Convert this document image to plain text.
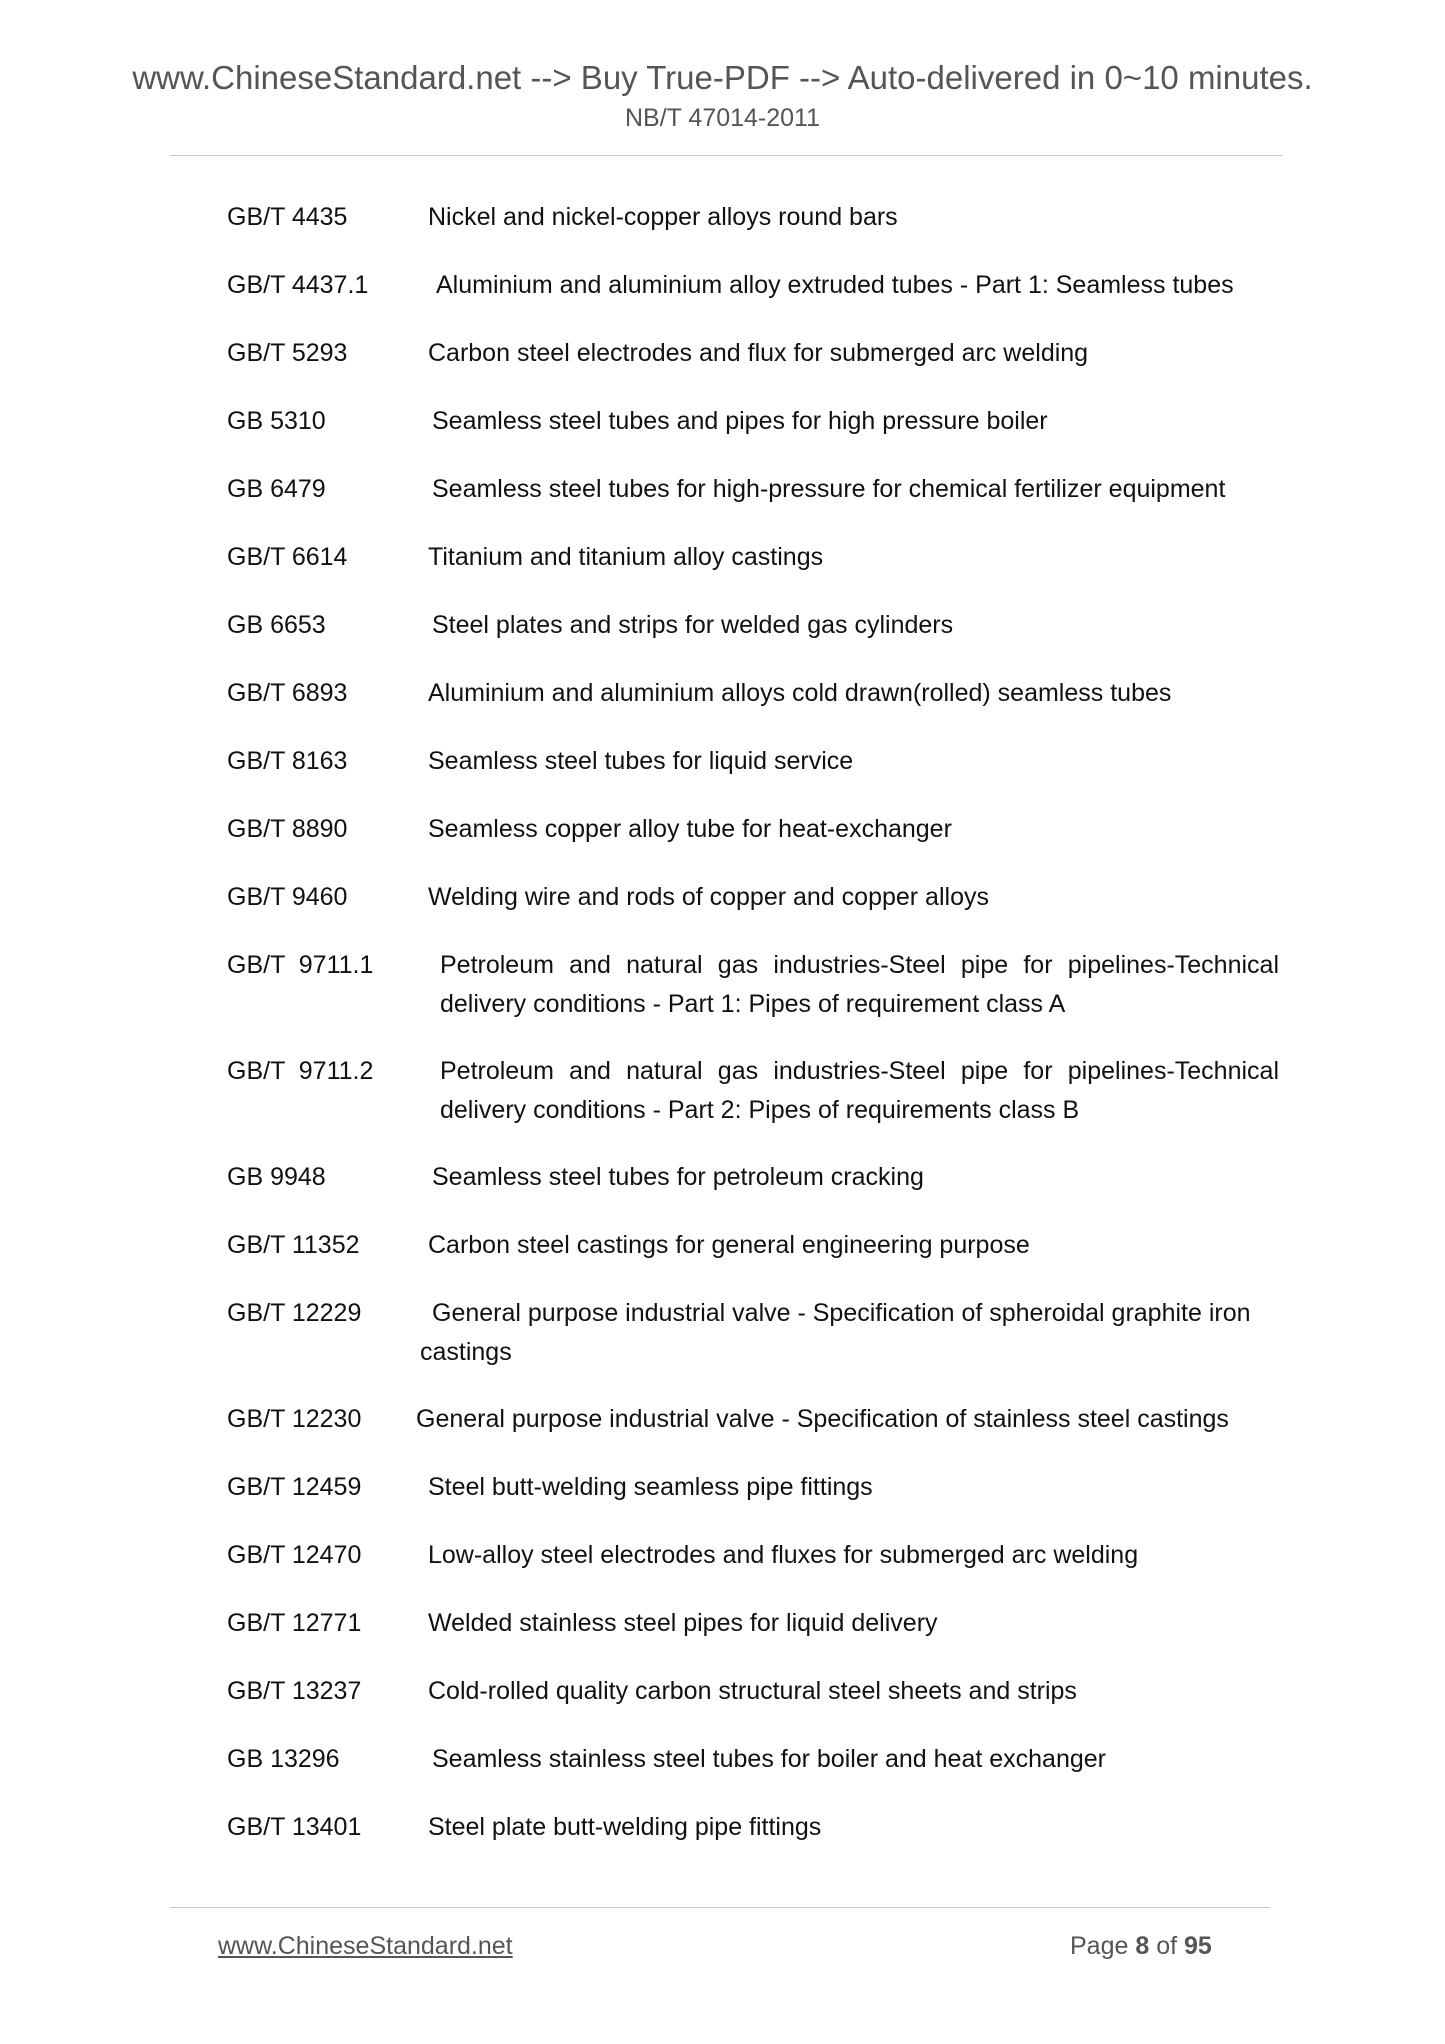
www.ChineseStandard.net --> Buy True-PDF --> Auto-delivered in 0~10 minutes.
NB/T 47014-2011
GB/T 4435	Nickel and nickel-copper alloys round bars
GB/T 4437.1	Aluminium and aluminium alloy extruded tubes - Part 1: Seamless tubes
GB/T 5293	Carbon steel electrodes and flux for submerged arc welding
GB 5310	Seamless steel tubes and pipes for high pressure boiler
GB 6479	Seamless steel tubes for high-pressure for chemical fertilizer equipment
GB/T 6614	Titanium and titanium alloy castings
GB 6653	Steel plates and strips for welded gas cylinders
GB/T 6893	Aluminium and aluminium alloys cold drawn(rolled) seamless tubes
GB/T 8163	Seamless steel tubes for liquid service
GB/T 8890	Seamless copper alloy tube for heat-exchanger
GB/T 9460	Welding wire and rods of copper and copper alloys
GB/T  9711.1	Petroleum and natural gas industries-Steel pipe for pipelines-Technical delivery conditions - Part 1: Pipes of requirement class A
GB/T  9711.2	Petroleum and natural gas industries-Steel pipe for pipelines-Technical delivery conditions - Part 2: Pipes of requirements class B
GB 9948	Seamless steel tubes for petroleum cracking
GB/T 11352	Carbon steel castings for general engineering purpose
GB/T 12229	General purpose industrial valve - Specification of spheroidal graphite iron castings
GB/T 12230 General purpose industrial valve - Specification of stainless steel castings
GB/T 12459	Steel butt-welding seamless pipe fittings
GB/T 12470	Low-alloy steel electrodes and fluxes for submerged arc welding
GB/T 12771	Welded stainless steel pipes for liquid delivery
GB/T 13237	Cold-rolled quality carbon structural steel sheets and strips
GB 13296	Seamless stainless steel tubes for boiler and heat exchanger
GB/T 13401	Steel plate butt-welding pipe fittings
www.ChineseStandard.net	Page 8 of 95
